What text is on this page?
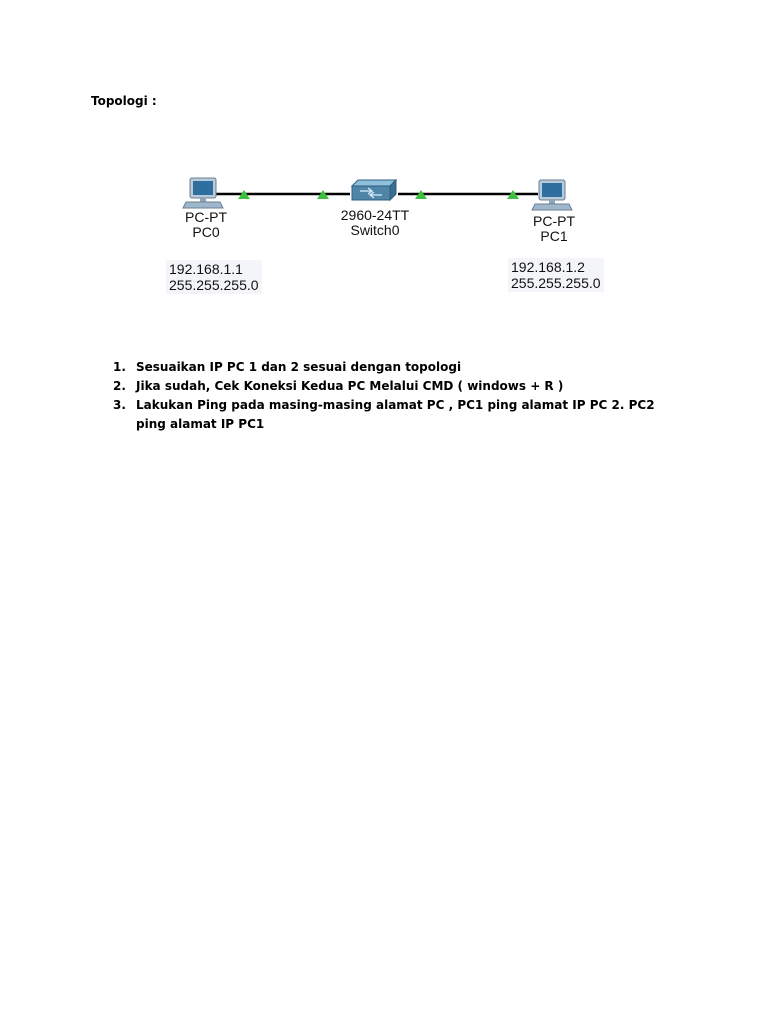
Topologi :
PC-PT
PC0
192.168.1.1
255.255.255.0
2960-24TT
Switch0
PC-PT
PC1
192.168.1.2
255.255.255.0
1. Sesuaikan IP PC 1 dan 2 sesuai dengan topologi
2. Jika sudah, Cek Koneksi Kedua PC Melalui CMD ( windows + R )
3. Lakukan Ping pada masing-masing alamat PC , PC1 ping alamat IP PC 2. PC2 ping alamat IP PC1
